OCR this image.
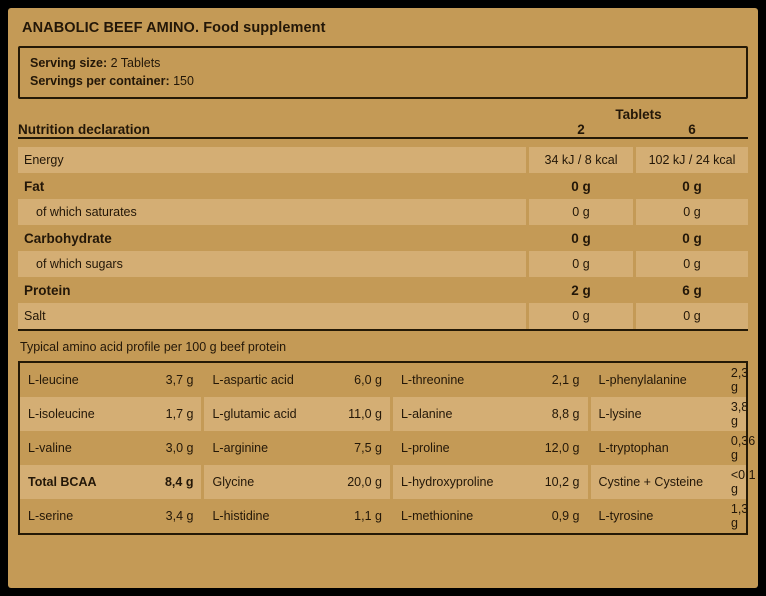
ANABOLIC BEEF AMINO. Food supplement
Serving size: 2 Tablets
Servings per container: 150
Nutrition declaration		Tablets		
		2		6
Energy		34 kJ / 8 kcal		102 kJ / 24 kcal
Fat		0 g		0 g
of which saturates		0 g		0 g
Carbohydrate		0 g		0 g
of which sugars		0 g		0 g
Protein		2 g		6 g
Salt		0 g		0 g
Typical amino acid profile per 100 g beef protein
L-leucine	3,7 g		L-aspartic acid	6,0 g		L-threonine	2,1 g		L-phenylalanine	2,3 g
L-isoleucine	1,7 g		L-glutamic acid	11,0 g		L-alanine	8,8 g		L-lysine	3,8 g
L-valine	3,0 g		L-arginine	7,5 g		L-proline	12,0 g		L-tryptophan	0,36 g
Total BCAA	8,4 g		Glycine	20,0 g		L-hydroxyproline	10,2 g		Cystine + Cysteine	<0,1 g
L-serine	3,4 g		L-histidine	1,1 g		L-methionine	0,9 g		L-tyrosine	1,3 g
